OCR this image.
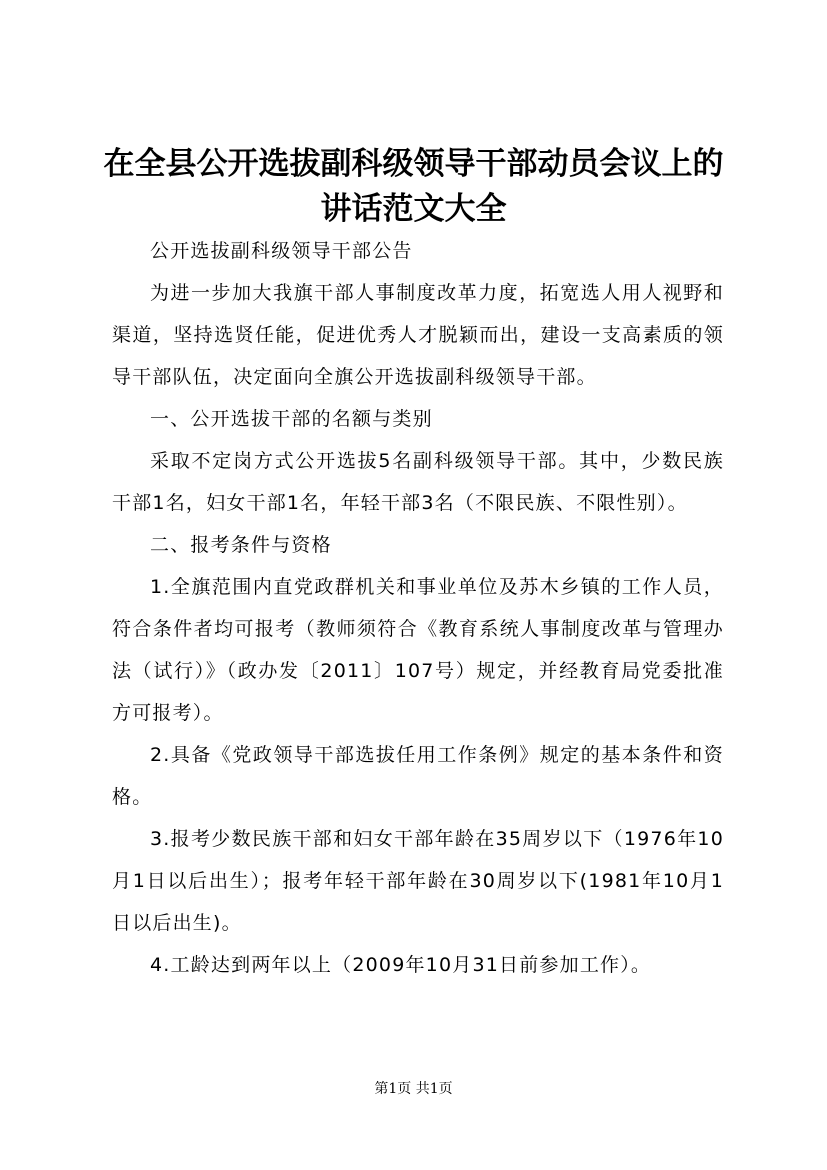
在全县公开选拔副科级领导干部动员会议上的
讲话范文大全

公开选拔副科级领导干部公告

为进一步加大我旗干部人事制度改革力度，拓宽选人用人视野和渠道，坚持选贤任能，促进优秀人才脱颖而出，建设一支高素质的领导干部队伍，决定面向全旗公开选拔副科级领导干部。

一、公开选拔干部的名额与类别

采取不定岗方式公开选拔5名副科级领导干部。其中，少数民族干部1名，妇女干部1名，年轻干部3名（不限民族、不限性别）。

二、报考条件与资格

1.全旗范围内直党政群机关和事业单位及苏木乡镇的工作人员，符合条件者均可报考（教师须符合《教育系统人事制度改革与管理办法（试行）》（政办发〔2011〕107号）规定，并经教育局党委批准方可报考）。

2.具备《党政领导干部选拔任用工作条例》规定的基本条件和资格。

3.报考少数民族干部和妇女干部年龄在35周岁以下（1976年10月1日以后出生）；报考年轻干部年龄在30周岁以下(1981年10月1日以后出生)。

4.工龄达到两年以上（2009年10月31日前参加工作）。

第1页 共1页
